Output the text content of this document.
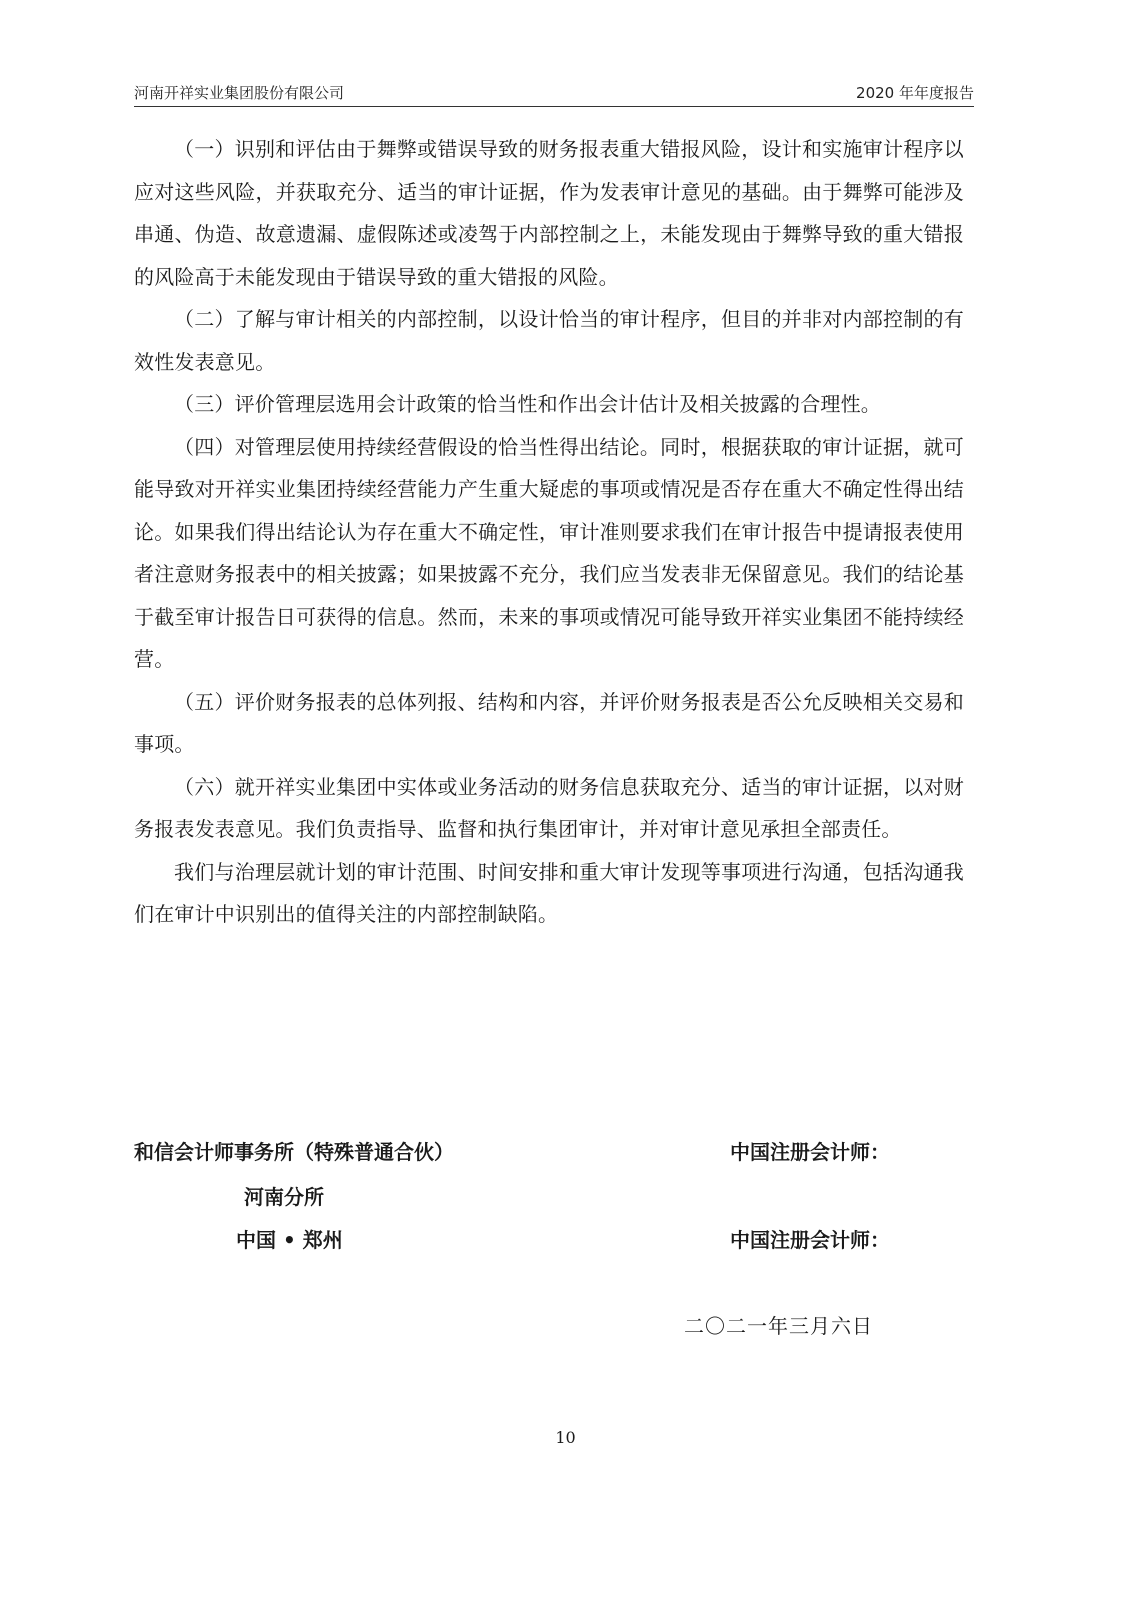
河南开祥实业集团股份有限公司	2020 年年度报告

（一）识别和评估由于舞弊或错误导致的财务报表重大错报风险，设计和实施审计程序以应对这些风险，并获取充分、适当的审计证据，作为发表审计意见的基础。由于舞弊可能涉及串通、伪造、故意遗漏、虚假陈述或凌驾于内部控制之上，未能发现由于舞弊导致的重大错报的风险高于未能发现由于错误导致的重大错报的风险。

（二）了解与审计相关的内部控制，以设计恰当的审计程序，但目的并非对内部控制的有效性发表意见。

（三）评价管理层选用会计政策的恰当性和作出会计估计及相关披露的合理性。

（四）对管理层使用持续经营假设的恰当性得出结论。同时，根据获取的审计证据，就可能导致对开祥实业集团持续经营能力产生重大疑虑的事项或情况是否存在重大不确定性得出结论。如果我们得出结论认为存在重大不确定性，审计准则要求我们在审计报告中提请报表使用者注意财务报表中的相关披露；如果披露不充分，我们应当发表非无保留意见。我们的结论基于截至审计报告日可获得的信息。然而，未来的事项或情况可能导致开祥实业集团不能持续经营。

（五）评价财务报表的总体列报、结构和内容，并评价财务报表是否公允反映相关交易和事项。

（六）就开祥实业集团中实体或业务活动的财务信息获取充分、适当的审计证据，以对财务报表发表意见。我们负责指导、监督和执行集团审计，并对审计意见承担全部责任。

我们与治理层就计划的审计范围、时间安排和重大审计发现等事项进行沟通，包括沟通我们在审计中识别出的值得关注的内部控制缺陷。

和信会计师事务所（特殊普通合伙）
河南分所
中国 • 郑州
中国注册会计师：
中国注册会计师：
二〇二一年三月六日
10
